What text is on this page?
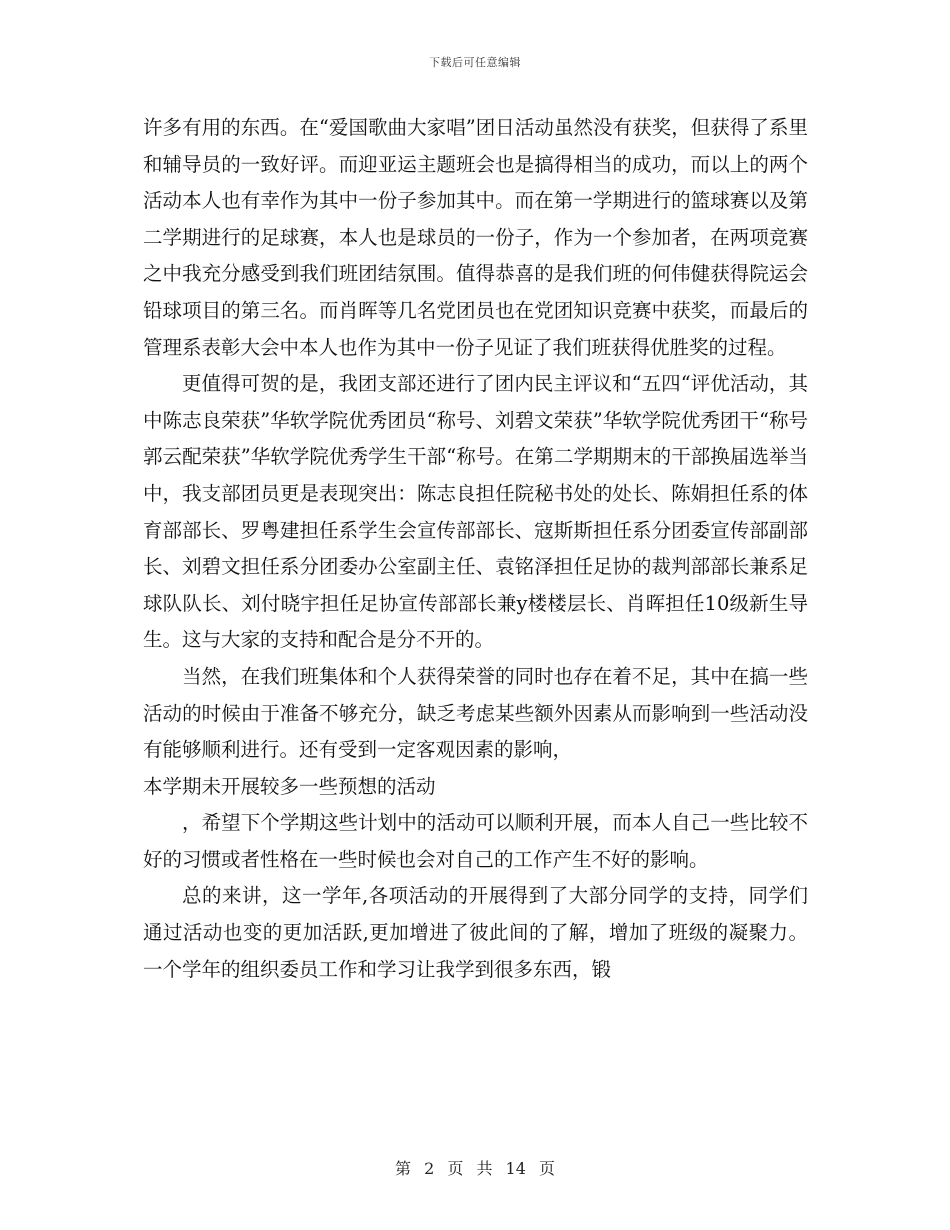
下载后可任意编辑

许多有用的东西。在“爱国歌曲大家唱”团日活动虽然没有获奖，但获得了系里和辅导员的一致好评。而迎亚运主题班会也是搞得相当的成功，而以上的两个活动本人也有幸作为其中一份子参加其中。而在第一学期进行的篮球赛以及第二学期进行的足球赛，本人也是球员的一份子，作为一个参加者，在两项竞赛之中我充分感受到我们班团结氛围。值得恭喜的是我们班的何伟健获得院运会铅球项目的第三名。而肖晖等几名党团员也在党团知识竞赛中获奖，而最后的管理系表彰大会中本人也作为其中一份子见证了我们班获得优胜奖的过程。

更值得可贺的是，我团支部还进行了团内民主评议和“五四“评优活动，其中陈志良荣获”华软学院优秀团员“称号、刘碧文荣获”华软学院优秀团干“称号郭云配荣获”华软学院优秀学生干部“称号。在第二学期期末的干部换届选举当中，我支部团员更是表现突出：陈志良担任院秘书处的处长、陈娟担任系的体育部部长、罗粤建担任系学生会宣传部部长、寇斯斯担任系分团委宣传部副部长、刘碧文担任系分团委办公室副主任、袁铭泽担任足协的裁判部部长兼系足球队队长、刘付晓宇担任足协宣传部部长兼y楼楼层长、肖晖担任10级新生导生。这与大家的支持和配合是分不开的。

当然，在我们班集体和个人获得荣誉的同时也存在着不足，其中在搞一些活动的时候由于准备不够充分，缺乏考虑某些额外因素从而影响到一些活动没有能够顺利进行。还有受到一定客观因素的影响，

本学期未开展较多一些预想的活动

，希望下个学期这些计划中的活动可以顺利开展，而本人自己一些比较不好的习惯或者性格在一些时候也会对自己的工作产生不好的影响。

总的来讲，这一学年,各项活动的开展得到了大部分同学的支持，同学们通过活动也变的更加活跃,更加增进了彼此间的了解，增加了班级的凝聚力。一个学年的组织委员工作和学习让我学到很多东西，锻

第 2 页 共 14 页
